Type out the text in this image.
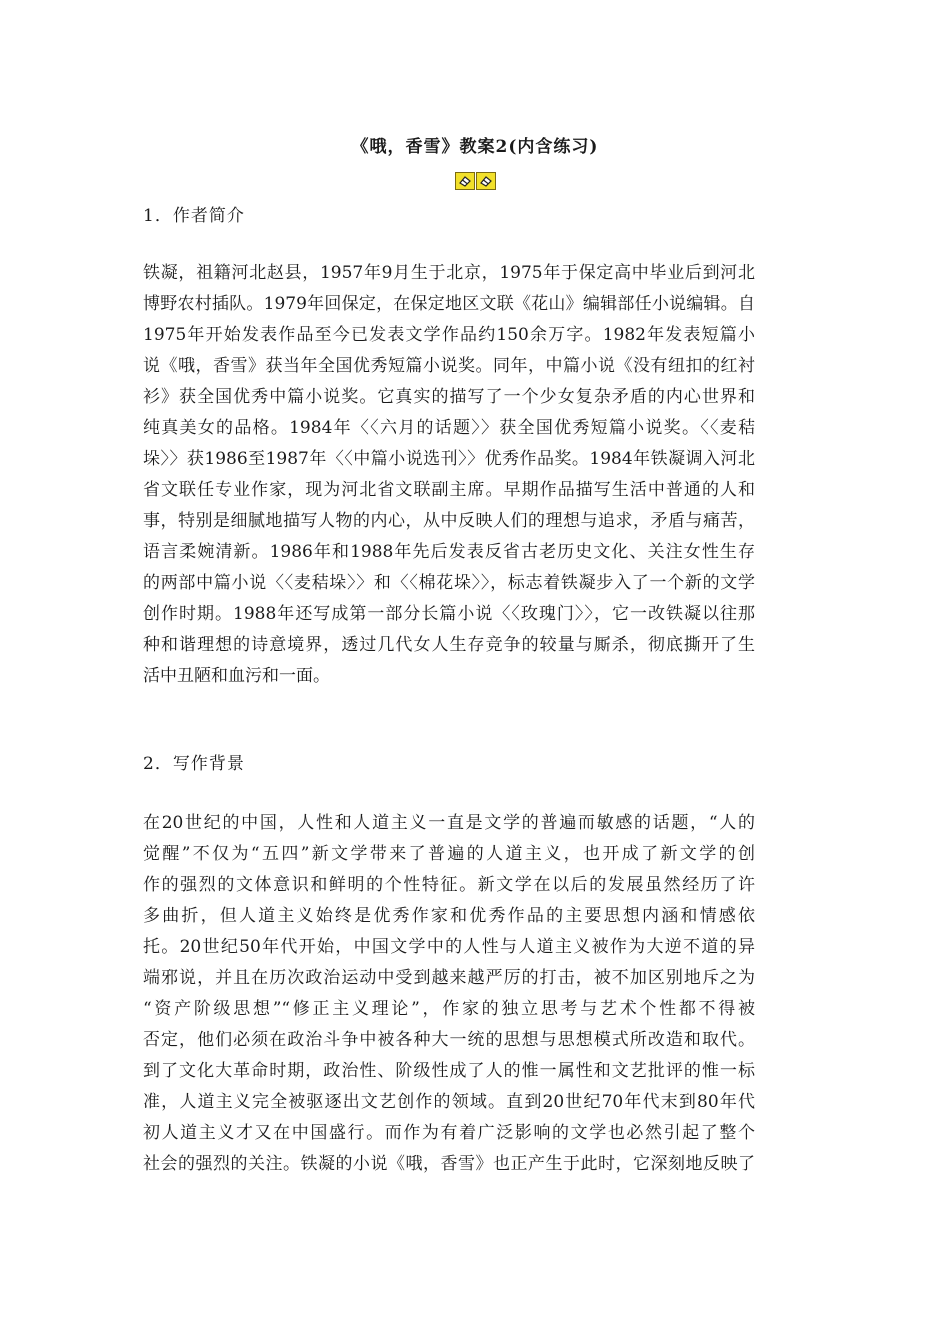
《哦，香雪》教案2(内含练习)
1．作者简介
铁凝，祖籍河北赵县，1957年9月生于北京，1975年于保定高中毕业后到河北
博野农村插队。1979年回保定，在保定地区文联《花山》编辑部任小说编辑。自
1975年开始发表作品至今已发表文学作品约150余万字。1982年发表短篇小
说《哦，香雪》获当年全国优秀短篇小说奖。同年，中篇小说《没有纽扣的红衬
衫》获全国优秀中篇小说奖。它真实的描写了一个少女复杂矛盾的内心世界和
纯真美女的品格。1984年〈〈六月的话题〉〉获全国优秀短篇小说奖。〈〈麦秸
垛〉〉获1986至1987年〈〈中篇小说选刊〉〉优秀作品奖。1984年铁凝调入河北
省文联任专业作家，现为河北省文联副主席。早期作品描写生活中普通的人和
事，特别是细腻地描写人物的内心，从中反映人们的理想与追求，矛盾与痛苦，
语言柔婉清新。1986年和1988年先后发表反省古老历史文化、关注女性生存
的两部中篇小说〈〈麦秸垛〉〉和〈〈棉花垛〉〉，标志着铁凝步入了一个新的文学
创作时期。1988年还写成第一部分长篇小说〈〈玫瑰门〉〉，它一改铁凝以往那
种和谐理想的诗意境界，透过几代女人生存竞争的较量与厮杀，彻底撕开了生
活中丑陋和血污和一面。
2．写作背景
在20世纪的中国，人性和人道主义一直是文学的普遍而敏感的话题，“人的
觉醒”不仅为“五四”新文学带来了普遍的人道主义，也开成了新文学的创
作的强烈的文体意识和鲜明的个性特征。新文学在以后的发展虽然经历了许
多曲折，但人道主义始终是优秀作家和优秀作品的主要思想内涵和情感依
托。20世纪50年代开始，中国文学中的人性与人道主义被作为大逆不道的异
端邪说，并且在历次政治运动中受到越来越严厉的打击，被不加区别地斥之为
“资产阶级思想”“修正主义理论”，作家的独立思考与艺术个性都不得被
否定，他们必须在政治斗争中被各种大一统的思想与思想模式所改造和取代。
到了文化大革命时期，政治性、阶级性成了人的惟一属性和文艺批评的惟一标
准，人道主义完全被驱逐出文艺创作的领域。直到20世纪70年代末到80年代
初人道主义才又在中国盛行。而作为有着广泛影响的文学也必然引起了整个
社会的强烈的关注。铁凝的小说《哦，香雪》也正产生于此时，它深刻地反映了
